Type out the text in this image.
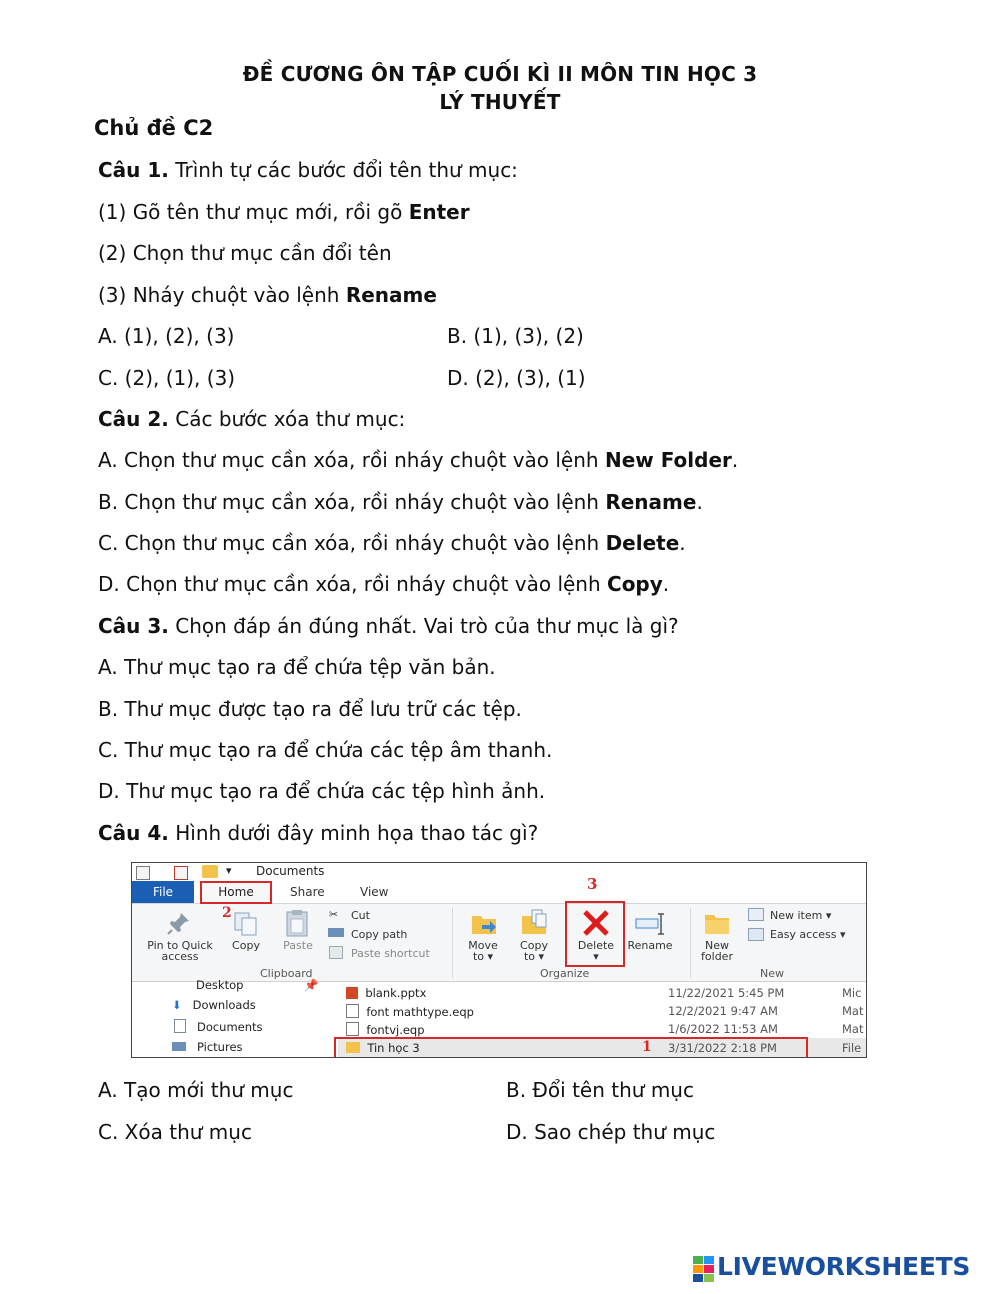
ĐỀ CƯƠNG ÔN TẬP CUỐI KÌ II MÔN TIN HỌC 3
LÝ THUYẾT
Chủ đề C2
Câu 1. Trình tự các bước đổi tên thư mục:
(1) Gõ tên thư mục mới, rồi gõ Enter
(2) Chọn thư mục cần đổi tên
(3) Nháy chuột vào lệnh Rename
A. (1), (2), (3)	B. (1), (3), (2)
C. (2), (1), (3)	D. (2), (3), (1)
Câu 2. Các bước xóa thư mục:
A. Chọn thư mục cần xóa, rồi nháy chuột vào lệnh New Folder.
B. Chọn thư mục cần xóa, rồi nháy chuột vào lệnh Rename.
C. Chọn thư mục cần xóa, rồi nháy chuột vào lệnh Delete.
D. Chọn thư mục cần xóa, rồi nháy chuột vào lệnh Copy.
Câu 3. Chọn đáp án đúng nhất. Vai trò của thư mục là gì?
A. Thư mục tạo ra để chứa tệp văn bản.
B. Thư mục được tạo ra để lưu trữ các tệp.
C. Thư mục tạo ra để chứa các tệp âm thanh.
D. Thư mục tạo ra để chứa các tệp hình ảnh.
Câu 4. Hình dưới đây minh họa thao tác gì?
▾ Documents
File	Home	Share	View
Pin to Quick
access
Copy	Paste
✂ Cut
Copy path
Paste shortcut
Clipboard
Move
to ▾
Copy
to ▾
Delete
▾
Rename
Organize
New
folder
New item ▾
Easy access ▾
New
Desktop
⬇ Downloads
Documents
Pictures
📌
blank.pptx	11/22/2021 5:45 PM	Mic
font mathtype.eqp	12/2/2021 9:47 AM	Mat
fontvj.eqp	1/6/2022 11:53 AM	Mat
Tin học 3	3/31/2022 2:18 PM	File
1
2
3
A. Tạo mới thư mục	B. Đổi tên thư mục
C. Xóa thư mục	D. Sao chép thư mục
LIVEWORKSHEETS
